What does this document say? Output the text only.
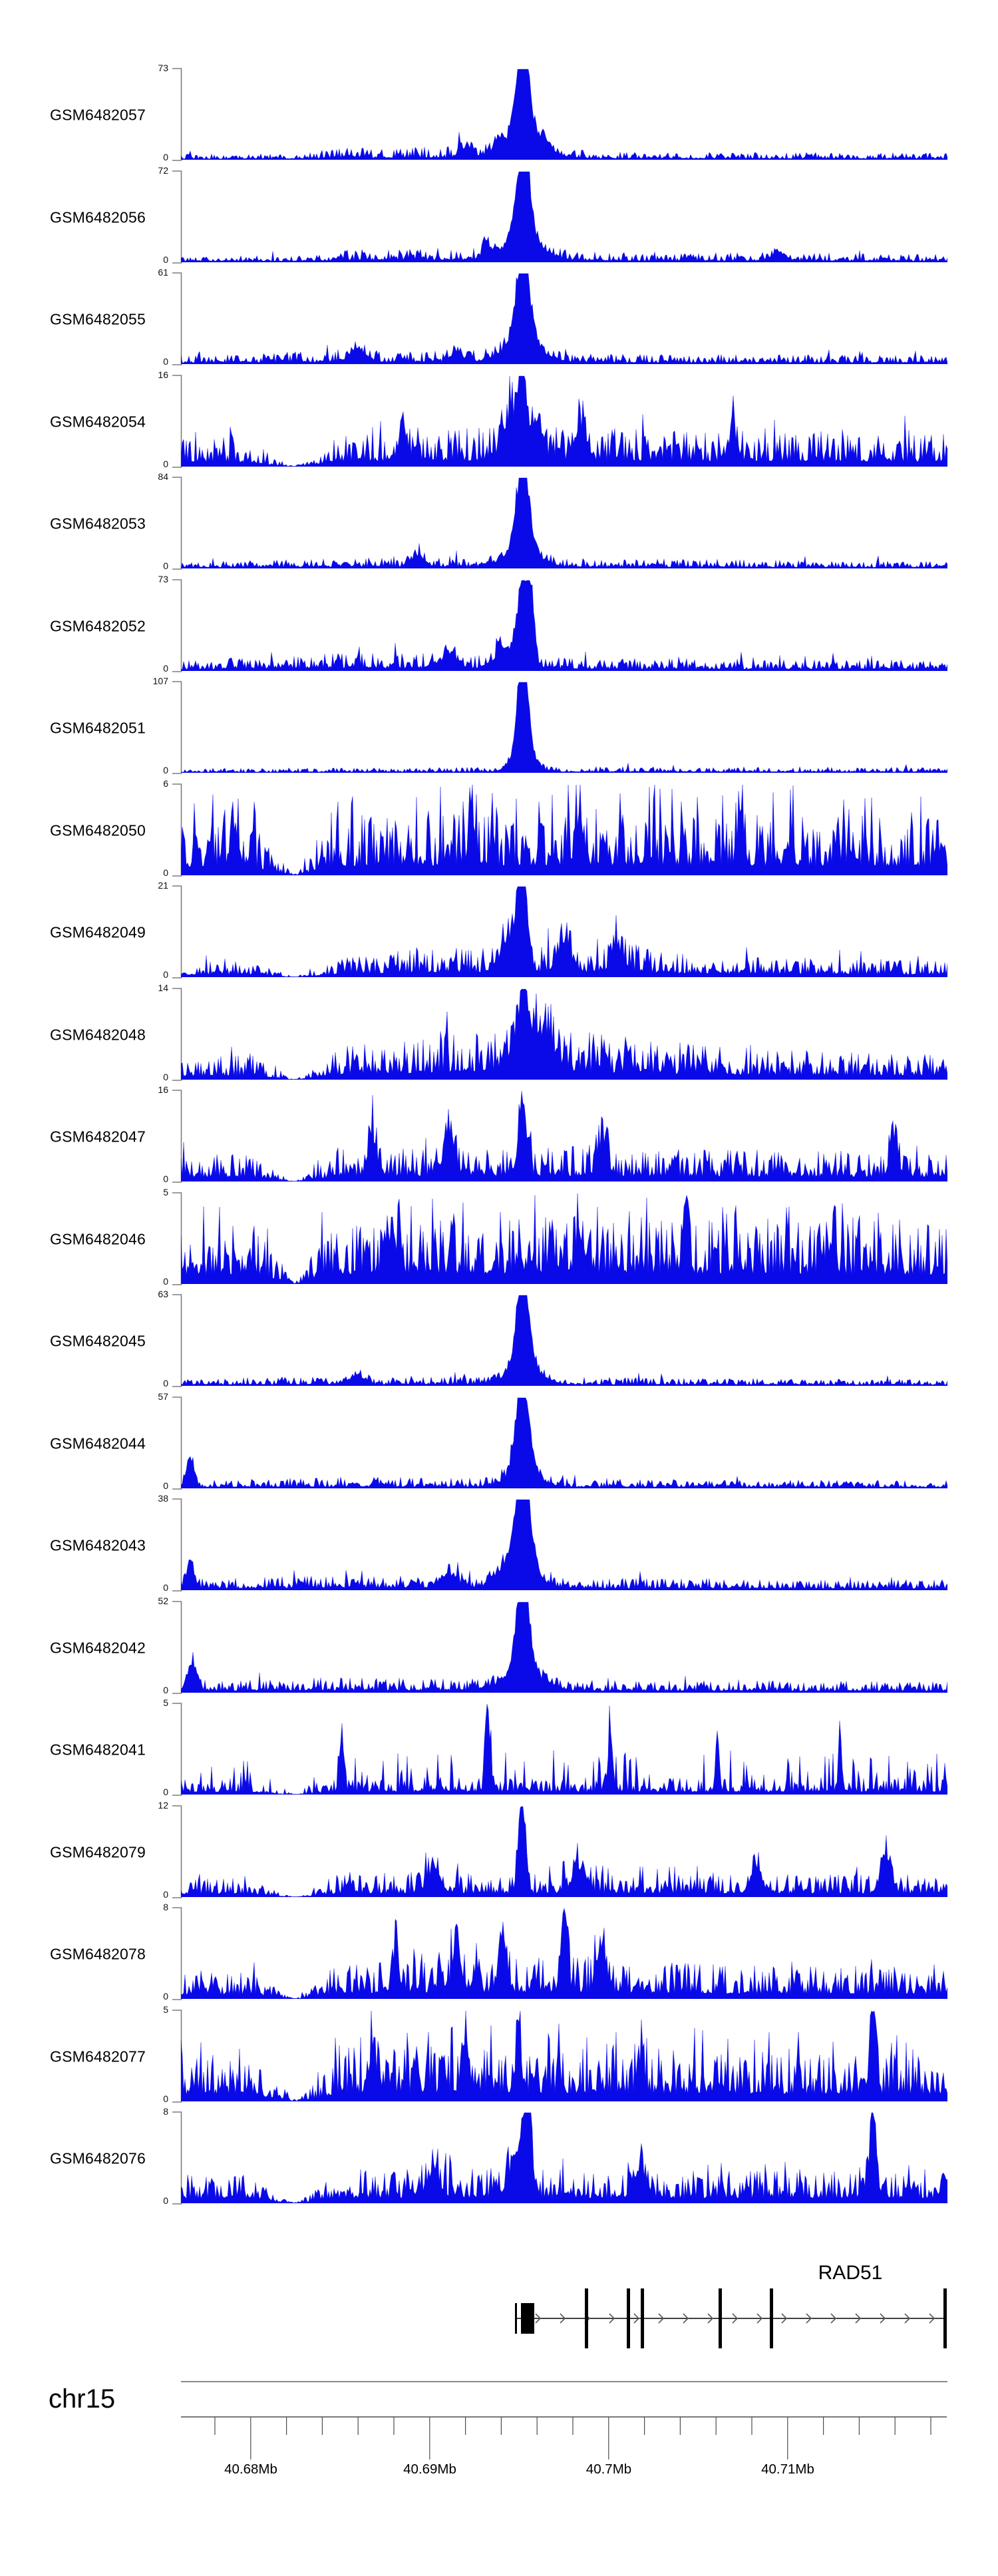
GSM6482057
73
0
GSM6482056
72
0
GSM6482055
61
0
GSM6482054
16
0
GSM6482053
84
0
GSM6482052
73
0
GSM6482051
107
0
GSM6482050
6
0
GSM6482049
21
0
GSM6482048
14
0
GSM6482047
16
0
GSM6482046
5
0
GSM6482045
63
0
GSM6482044
57
0
GSM6482043
38
0
GSM6482042
52
0
GSM6482041
5
0
GSM6482079
12
0
GSM6482078
8
0
GSM6482077
5
0
GSM6482076
8
0
RAD51
chr15
40.68Mb	40.69Mb	40.7Mb	40.71Mb
